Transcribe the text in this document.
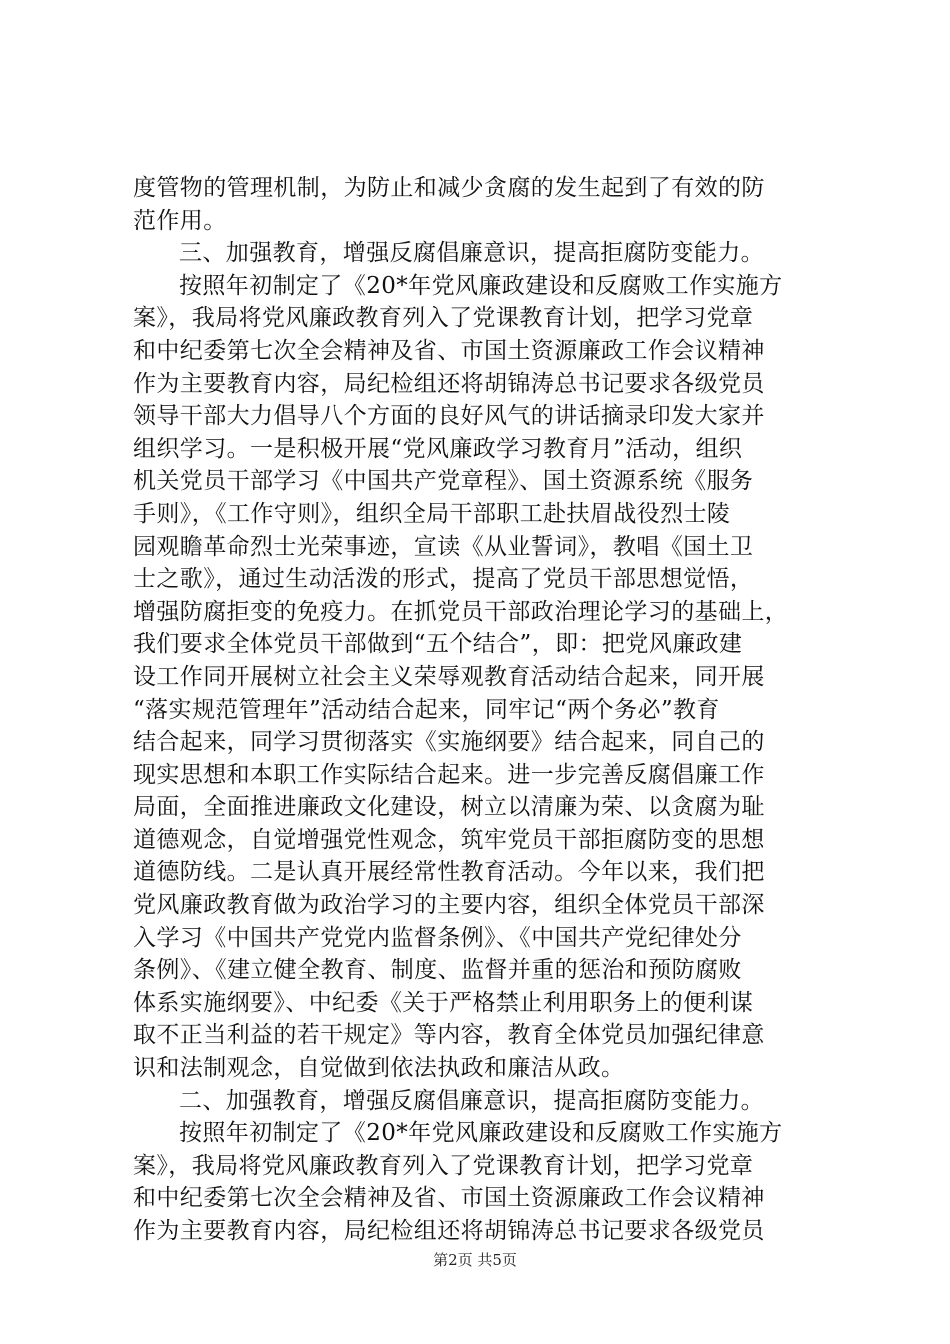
度管物的管理机制，为防止和减少贪腐的发生起到了有效的防
范作用。
三、加强教育，增强反腐倡廉意识，提高拒腐防变能力。
按照年初制定了《20*年党风廉政建设和反腐败工作实施方
案》，我局将党风廉政教育列入了党课教育计划，把学习党章
和中纪委第七次全会精神及省、市国土资源廉政工作会议精神
作为主要教育内容，局纪检组还将胡锦涛总书记要求各级党员
领导干部大力倡导八个方面的良好风气的讲话摘录印发大家并
组织学习。一是积极开展“党风廉政学习教育月”活动，组织
机关党员干部学习《中国共产党章程》、国土资源系统《服务
手则》，《工作守则》，组织全局干部职工赴扶眉战役烈士陵
园观瞻革命烈士光荣事迹，宣读《从业誓词》，教唱《国土卫
士之歌》，通过生动活泼的形式，提高了党员干部思想觉悟，
增强防腐拒变的免疫力。在抓党员干部政治理论学习的基础上，
我们要求全体党员干部做到“五个结合”，即：把党风廉政建
设工作同开展树立社会主义荣辱观教育活动结合起来，同开展
“落实规范管理年”活动结合起来，同牢记“两个务必”教育
结合起来，同学习贯彻落实《实施纲要》结合起来，同自己的
现实思想和本职工作实际结合起来。进一步完善反腐倡廉工作
局面，全面推进廉政文化建设，树立以清廉为荣、以贪腐为耻
道德观念，自觉增强党性观念，筑牢党员干部拒腐防变的思想
道德防线。二是认真开展经常性教育活动。今年以来，我们把
党风廉政教育做为政治学习的主要内容，组织全体党员干部深
入学习《中国共产党党内监督条例》、《中国共产党纪律处分
条例》、《建立健全教育、制度、监督并重的惩治和预防腐败
体系实施纲要》、中纪委《关于严格禁止利用职务上的便利谋
取不正当利益的若干规定》等内容，教育全体党员加强纪律意
识和法制观念，自觉做到依法执政和廉洁从政。
二、加强教育，增强反腐倡廉意识，提高拒腐防变能力。
按照年初制定了《20*年党风廉政建设和反腐败工作实施方
案》，我局将党风廉政教育列入了党课教育计划，把学习党章
和中纪委第七次全会精神及省、市国土资源廉政工作会议精神
作为主要教育内容，局纪检组还将胡锦涛总书记要求各级党员
第2页 共5页
